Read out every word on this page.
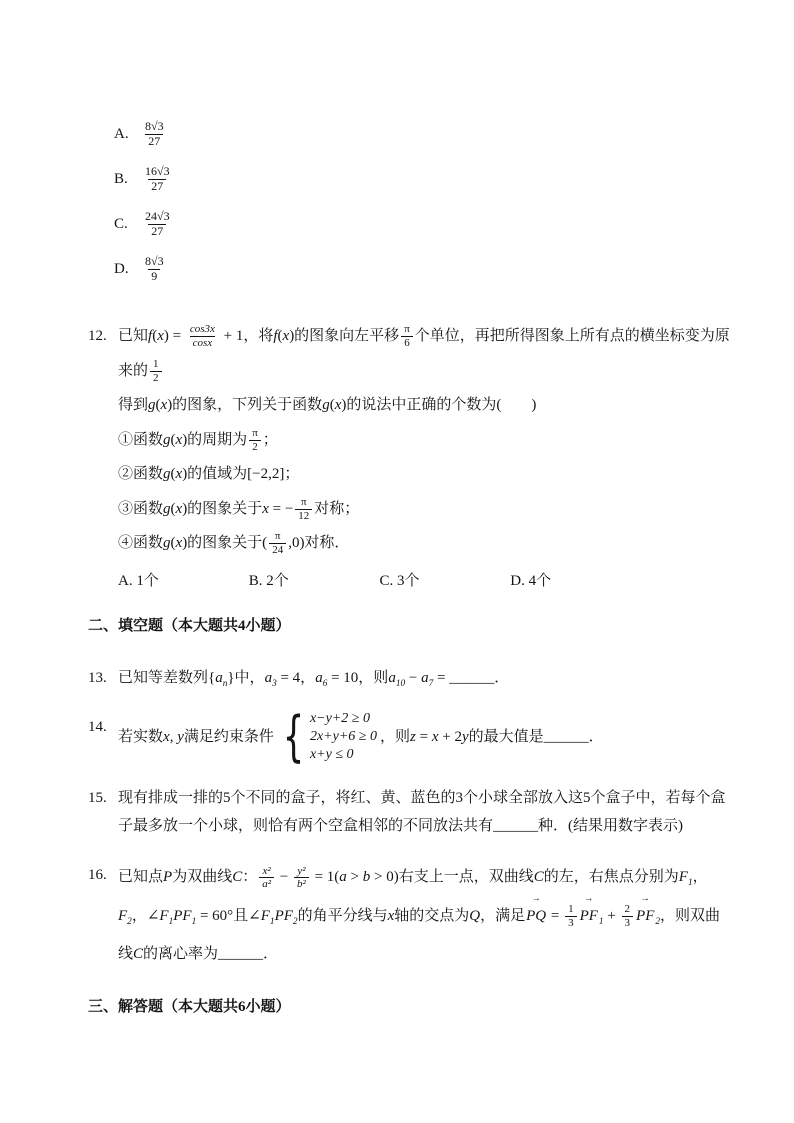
A.	$\frac{8√3}{27}$
B.	$\frac{16√3}{27}$
C.	$\frac{24√3}{27}$
D.	$\frac{8√3}{9}$
12. 已知$f(x) = \frac{\cos 3x}{\cos x} + 1$，将f(x)的图象向左平移 $\frac{\pi}{6}$ 个单位，再把所得图象上所有点的横坐标变为原来的 $\frac{1}{2}$
得到g(x)的图象，下列关于函数g(x)的说法中正确的个数为(　　)
①函数g(x)的周期为 $\frac{\pi}{2}$ ；
②函数g(x)的值域为[−2,2]；
③函数g(x)的图象关于x = − $\frac{\pi}{12}$ 对称；
④函数g(x)的图象关于( $\frac{\pi}{24} ,0$)对称．
A. 1个	B. 2个	C. 3个	D. 4个
二、填空题（本大题共4小题）
13. 已知等差数列$\{a_n\}$中，$a_3 = 4$，$a_6 = 10$，则$a_{10} - a_7$ = ______．
14.
若实数x, y满足约束条件 { x−y+2 ≥ 0
2x+y+6 ≥ 0
x+y ≤ 0
，则z = x + 2y的最大值是______．
15. 现有排成一排的5个不同的盒子，将红、黄、蓝色的3个小球全部放入这5个盒子中，若每个盒子最多放一个小球，则恰有两个空盒相邻的不同放法共有______种．(结果用数字表示)
16. 已知点P为双曲线C： $\frac{\text{x²}}{\text{a²}} - \frac{\text{y²}}{\text{b²}} = 1(a > b > 0)$右支上一点，双曲线C的左，右焦点分别为$F_1$，$F_2$，$\angle F_1PF_1 = 60^\circ$且$\angle F_1PF_2$的角平分线与x轴的交点为Q，满足→ PQ = $\frac{1}{3} \to PF_1 + \frac{2}{3} \to PF_2$，则双曲线C的离心率为______．
三、解答题（本大题共6小题）
